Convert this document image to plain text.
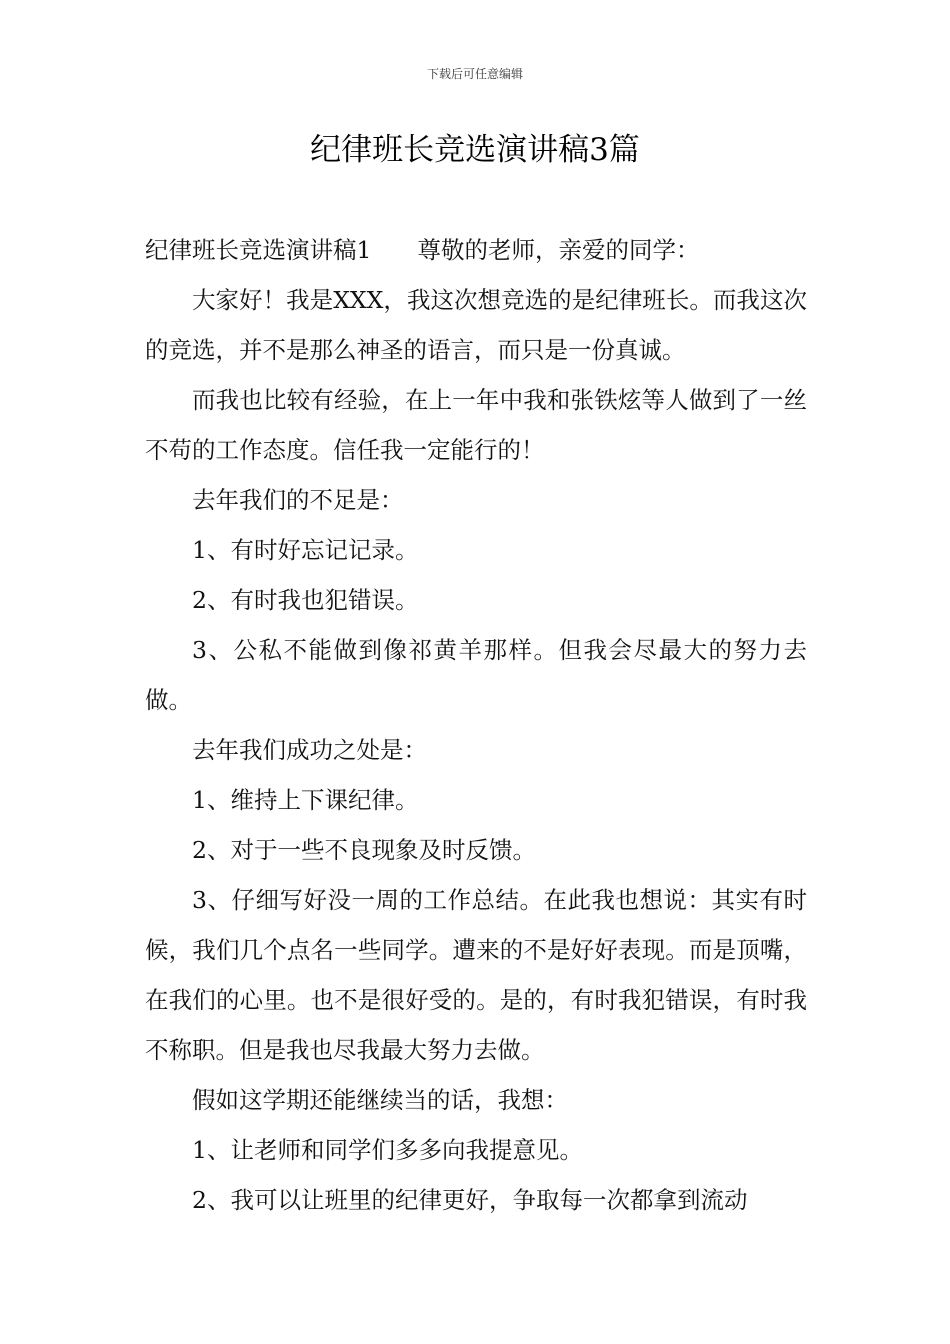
下载后可任意编辑
纪律班长竞选演讲稿3篇

纪律班长竞选演讲稿1 尊敬的老师，亲爱的同学：

大家好！我是XXX，我这次想竞选的是纪律班长。而我这次的竞选，并不是那么神圣的语言，而只是一份真诚。

而我也比较有经验，在上一年中我和张铁炫等人做到了一丝不苟的工作态度。信任我一定能行的！

去年我们的不足是：

1、有时好忘记记录。

2、有时我也犯错误。

3、公私不能做到像祁黄羊那样。但我会尽最大的努力去做。

去年我们成功之处是：

1、维持上下课纪律。

2、对于一些不良现象及时反馈。

3、仔细写好没一周的工作总结。在此我也想说：其实有时候，我们几个点名一些同学。遭来的不是好好表现。而是顶嘴，在我们的心里。也不是很好受的。是的，有时我犯错误，有时我不称职。但是我也尽我最大努力去做。

假如这学期还能继续当的话，我想：

1、让老师和同学们多多向我提意见。

2、我可以让班里的纪律更好，争取每一次都拿到流动
